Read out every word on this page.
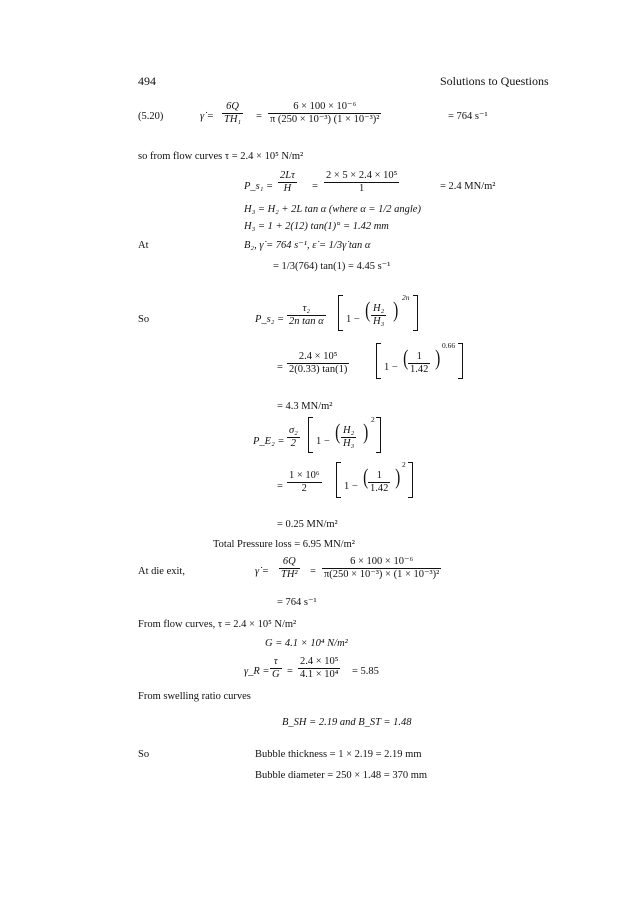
494	Solutions to Questions
(5.20)	γ̇ =
6Q
TH₁ =
6 × 100 × 10⁻⁶
π (250 × 10⁻³) (1 × 10⁻³)²	= 764 s⁻¹
so from flow curves τ = 2.4 × 10⁵ N/m²
P_s₁ =
2Lτ
H	=
2 × 5 × 2.4 × 10⁵
1	= 2.4 MN/m²
H₃ = H₂ + 2L tan α (where α = 1/2 angle)
H₃ = 1 + 2(12) tan(1)° = 1.42 mm
At	B₂, γ̇ = 764 s⁻¹, ε̇ = 1/3γ̇ tan α
= 1/3(764) tan(1) = 4.45 s⁻¹
So	P_s₂ =
τ₂
2n tan α 1 − ( H₂
H₃ ) 2n
=
2.4 × 10⁵
2(0.33) tan(1)	1 − ( 1
1.42 ) 0.66
= 4.3 MN/m²
P_E₂ =
σ₂
2	1 − ( H₂
H₃ ) 2
=
1 × 10⁶
2	1 − ( 1
1.42 ) 2
= 0.25 MN/m²
Total Pressure loss = 6.95 MN/m²
At die exit,	γ̇ =
6Q
TH² =
6 × 100 × 10⁻⁶
π(250 × 10⁻³) × (1 × 10⁻³)²
= 764 s⁻¹
From flow curves, τ = 2.4 × 10⁵ N/m²
G = 4.1 × 10⁴ N/m²
γ_R =
τ
G =
2.4 × 10⁵
4.1 × 10⁴ = 5.85
From swelling ratio curves
B_SH = 2.19 and B_ST = 1.48
So	Bubble thickness = 1 × 2.19 = 2.19 mm
Bubble diameter = 250 × 1.48 = 370 mm
